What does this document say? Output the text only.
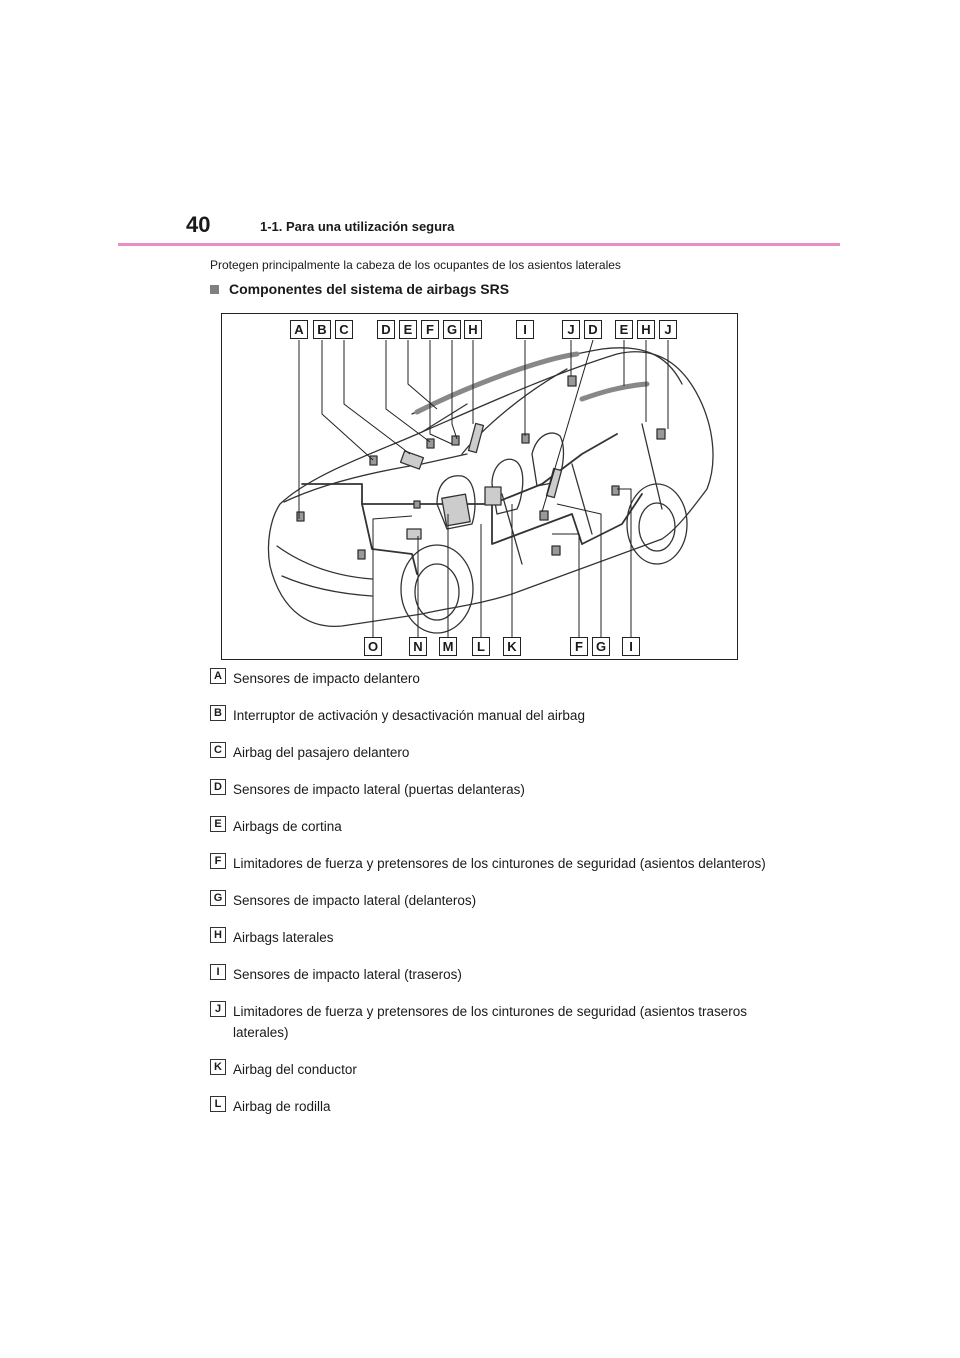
40	1-1. Para una utilización segura
Protegen principalmente la cabeza de los ocupantes de los asientos laterales
Componentes del sistema de airbags SRS
A	B C	D E	F G H	I	J	D	E H	J
O	N	M	L	K	F G	I
A Sensores de impacto delantero
B Interruptor de activación y desactivación manual del airbag
C Airbag del pasajero delantero
D Sensores de impacto lateral (puertas delanteras)
E Airbags de cortina
F Limitadores de fuerza y pretensores de los cinturones de seguridad (asientos delanteros)
G Sensores de impacto lateral (delanteros)
H Airbags laterales
I Sensores de impacto lateral (traseros)
J Limitadores de fuerza y pretensores de los cinturones de seguridad (asientos traseros laterales)
K Airbag del conductor
L Airbag de rodilla
